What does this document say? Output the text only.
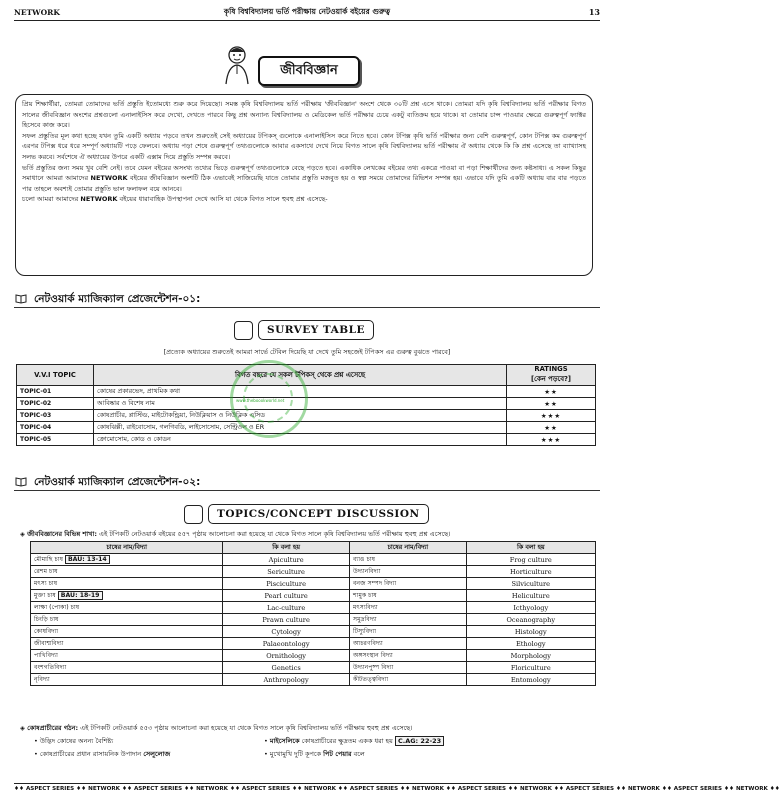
NETWORK	কৃষি বিশ্ববিদ্যালয় ভর্তি পরীক্ষায় নেটওয়ার্ক বইয়ের গুরুত্ব	13
জীববিজ্ঞান

প্রিয় শিক্ষার্থীরা, তোমরা তোমাদের ভর্তি প্রস্তুতি ইতোমধ্যে শুরু করে দিয়েছো। সমস্ত কৃষি বিশ্ববিদ্যালয় ভর্তি পরীক্ষায় 'জীববিজ্ঞান' অংশে থেকে ৩০টি প্রশ্ন এসে থাকে। তোমরা যদি কৃষি বিশ্ববিদ্যালয় ভর্তি পরীক্ষার বিগত সালের জীববিজ্ঞান অংশের প্রশ্নগুলো এনালাইসিস করে দেখো, দেখতে পারবে কিছু প্রশ্ন অন্যান্য বিশ্ববিদ্যালয় ও মেডিকেল ভর্তি পরীক্ষার চেয়ে একটু ব্যতিক্রম হয়ে থাকে। যা তোমার চান্স পাওয়ার ক্ষেত্রে গুরুত্বপূর্ণ ফ্যাক্টর হিসেবে কাজ করে।

সফল প্রস্তুতির মূল কথা হচ্ছে যখন তুমি একটি অধ্যায় পড়বে তখন শুরুতেই সেই অধ্যায়ের টপিকস্ গুলোকে এনালাইসিস করে নিতে হবে। কোন টপিক্স কৃষি ভর্তি পরীক্ষার জন্য বেশি গুরুত্বপূর্ণ, কোন টপিক্স কম গুরুত্বপূর্ণ এরপর টপিক্স ধরে ধরে সম্পূর্ণ অধ্যায়টি পড়ে ফেলবে। অধ্যায় পড়া শেষে গুরুত্বপূর্ণ তথ্যগুলোকে আবার একসাথে দেখে নিয়ে বিগত সালে কৃষি বিশ্ববিদ্যালয় ভর্তি পরীক্ষায় ঐ অধ্যায় থেকে কি কি প্রশ্ন এসেছে তা ব্যাখ্যাসহ সলভ করবে। সর্বশেষে ঐ অধ্যায়ের উপরে একটি এক্সাম দিয়ে প্রস্তুতি সম্পন্ন করবে।

ভর্তি প্রস্তুতির জন্য সময় খুব বেশি নেই। তবে যেমন বইয়ের অসংখ্য তথ্যের ভিড়ে গুরুত্বপূর্ণ তথ্যগুলোকে বেছে পড়তে হবে। একাধিক লেখকের বইয়ের তথ্য একত্রে পাওয়া বা পড়া শিক্ষার্থীদের জন্য কষ্টসাধ্য। এ সকল কিছুর সমাধানে আমরা আমাদের NETWORK বইয়ের জীববিজ্ঞান অংশটি ঠিক এভাবেই সাজিয়েছি যাতে তোমার প্রস্তুতি মজবুত হয় ও স্বল্প সময়ে তোমাদের রিভিশন সম্পন্ন হয়। এভাবে যদি তুমি একটি অধ্যায় বার বার পড়তে পার তাহলে অবশ্যই তোমার প্রস্তুতি ভাল ফলাফল বয়ে আনবে।

চলো আমরা আমাদের NETWORK বইয়ের ধারাবাহিক উপস্থাপনা দেখে আসি যা থেকে বিগত সালে হুবহু প্রশ্ন এসেছে-

নেটওয়ার্ক ম্যাজিক্যাল প্রেজেন্টেশন-০১:
SURVEY TABLE
[প্রত্যেক অধ্যায়ের শুরুতেই আমরা সার্ভে টেবিল দিয়েছি যা দেখে তুমি সহজেই টপিকস এর গুরুত্ব বুঝতে পারবে]
V.V.I TOPIC	বিগত বছরে যে সকল টপিকস্ থেকে প্রশ্ন এসেছে	RATINGS
[কেন পড়বে?]
TOPIC-01	কোষের প্রকারভেদ, প্রাথমিক কথা	★★
TOPIC-02	আবিষ্কার ও বিশেষ নাম	★★
TOPIC-03	কোষপ্রাচীর, প্লাস্টিড, মাইটোকন্ড্রিয়া, নিউক্লিয়াস ও নিউক্লিক এসিড	★★★
TOPIC-04	কোষঝিল্লী, রাইবোসোম, গলগিবডি, লাইসোসোম, সেন্ট্রিওল ও ER	★★
TOPIC-05	ক্রোমোসোম, কোড ও কোডন	★★★
www.theboookworld.net
নেটওয়ার্ক ম্যাজিক্যাল প্রেজেন্টেশন-০২:
TOPICS/CONCEPT DISCUSSION
◈ জীববিজ্ঞানের বিভিন্ন শাখা: এই টপিকটি নেটওয়ার্ক বইয়ের ৫৫৭ পৃষ্ঠায় আলোচনা করা হয়েছে যা থেকে বিগত সালে কৃষি বিশ্ববিদ্যালয় ভর্তি পরীক্ষায় হুবহু প্রশ্ন এসেছে।
চাষের নাম/বিদ্যা	কি বলা হয়	চাষের নাম/বিদ্যা	কি বলা হয়
মৌমাছি চাষ BAU: 13-14	Apiculture	ব্যাঙ চাষ	Frog culture
রেশম চাষ	Sericulture	উদ্যানবিদ্যা	Horticulture
মৎস্য চাষ	Pisciculture	বনজ সম্পদ বিদ্যা	Silviculture
মুক্তা চাষ BAU: 18-19	Pearl culture	শামুক চাষ	Heliculture
লাক্ষা (পোকা) চাষ	Lac-culture	মৎস্যবিদ্যা	Icthyology
চিংড়ি চাষ	Prawn culture	সমুদ্রবিদ্যা	Oceanography
কোষবিদ্যা	Cytology	টিস্যুবিদ্যা	Histology
জীবাশ্মবিদ্যা	Palaeontology	আচরণবিদ্যা	Ethology
পাখিবিদ্যা	Ornithology	অঙ্গসংস্থান বিদ্যা	Morphology
বংশগতিবিদ্যা	Genetics	উদ্যানপুষ্প বিদ্যা	Floriculture
নৃবিদ্যা	Anthropology	কীটতত্ত্ববিদ্যা	Entomology
◈ কোষপ্রাচীরের গঠন: এই টপিকটি নেটওয়ার্ক ৫৫৩ পৃষ্ঠায় আলোচনা করা হয়েছে যা থেকে বিগত সালে কৃষি বিশ্ববিদ্যালয় ভর্তি পরীক্ষায় হুবহু প্রশ্ন এসেছে।
• উদ্ভিদ কোষের অনন্য বৈশিষ্ট্য	• মাইসেলিকে কোষপ্রাচীরের ক্ষুদ্রতম একক ধরা হয় C.AG: 22-23
• কোষপ্রাচীরের প্রধান রাসায়নিক উপাদান সেলুলোজ	• মুখোমুখি দুটি কূপকে পিট পেয়ার বলে
♦♦ ASPECT SERIES ♦♦ NETWORK ♦♦ ASPECT SERIES ♦♦ NETWORK ♦♦ ASPECT SERIES ♦♦ NETWORK ♦♦ ASPECT SERIES ♦♦ NETWORK ♦♦ ASPECT SERIES ♦♦ NETWORK ♦♦ ASPECT SERIES ♦♦ NETWORK ♦♦ ASPECT SERIES ♦♦ NETWORK ♦♦
